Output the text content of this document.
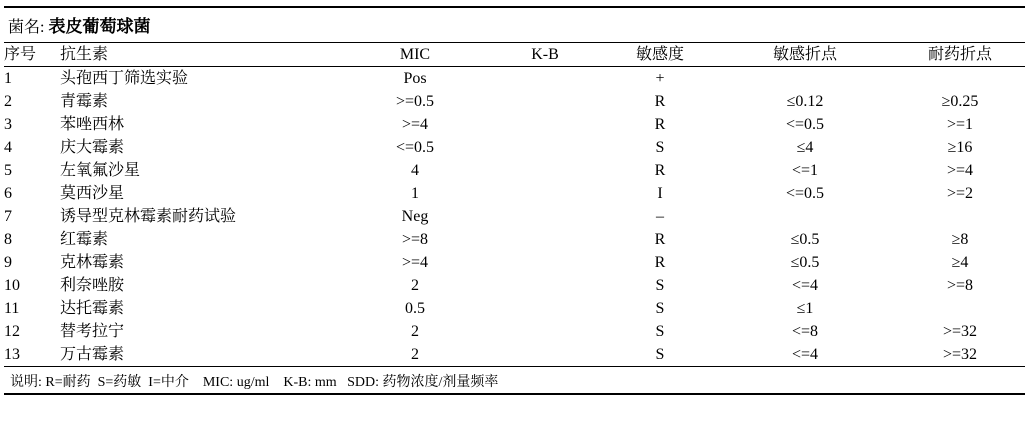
菌名: 表皮葡萄球菌
序号	抗生素	MIC	K-B	敏感度	敏感折点	耐药折点
1	头孢西丁筛选实验	Pos		+		
2	青霉素	>=0.5		R	≤0.12	≥0.25
3	苯唑西林	>=4		R	<=0.5	>=1
4	庆大霉素	<=0.5		S	≤4	≥16
5	左氧氟沙星	4		R	<=1	>=4
6	莫西沙星	1		I	<=0.5	>=2
7	诱导型克林霉素耐药试验	Neg		–		
8	红霉素	>=8		R	≤0.5	≥8
9	克林霉素	>=4		R	≤0.5	≥4
10	利奈唑胺	2		S	<=4	>=8
11	达托霉素	0.5		S	≤1	
12	替考拉宁	2		S	<=8	>=32
13	万古霉素	2		S	<=4	>=32
说明: R=耐药  S=药敏  I=中介    MIC: ug/ml    K-B: mm   SDD: 药物浓度/剂量频率
